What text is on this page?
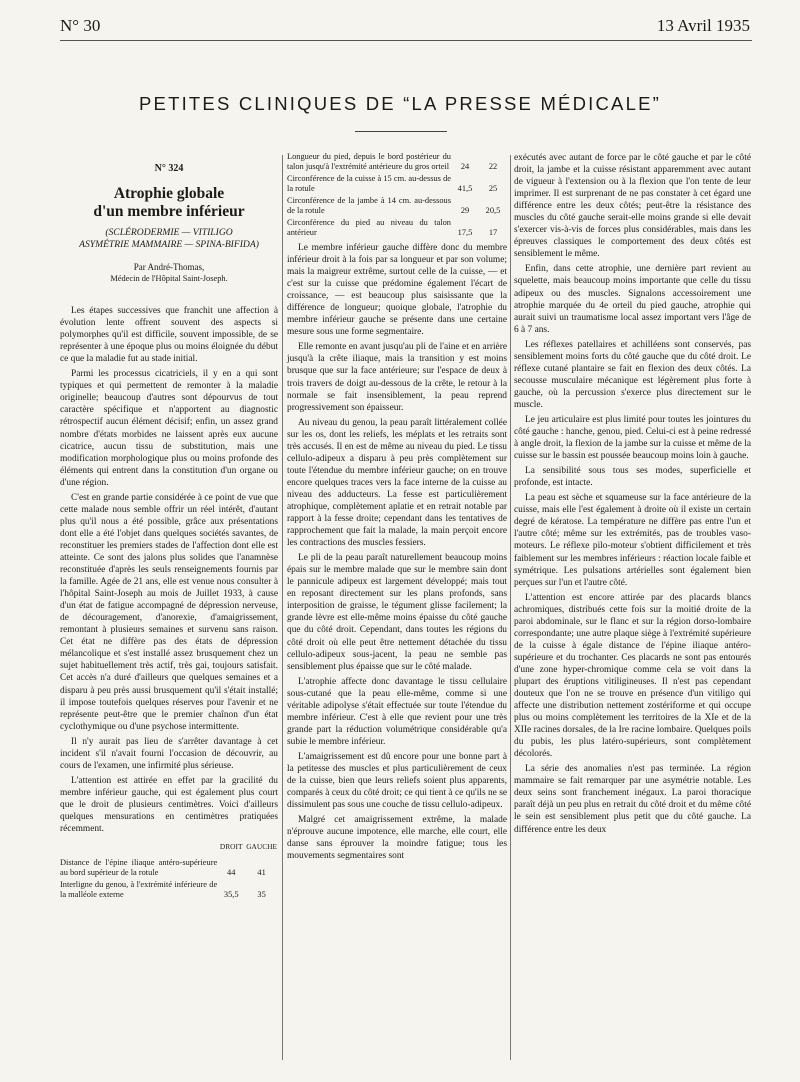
N° 30	13 Avril 1935
PETITES CLINIQUES DE “LA PRESSE MÉDICALE”
N° 324
Atrophie globale
d'un membre inférieur
(SCLÉRODERMIE — VITILIGO
ASYMÉTRIE MAMMAIRE — SPINA-BIFIDA)
Par André-Thomas,
Médecin de l'Hôpital Saint-Joseph.

Les étapes successives que franchit une affection à évolution lente offrent souvent des aspects si polymorphes qu'il est difficile, souvent impossible, de se représenter à une époque plus ou moins éloignée du début ce que la maladie fut au stade initial.

Parmi les processus cicatriciels, il y en a qui sont typiques et qui permettent de remonter à la maladie originelle; beaucoup d'autres sont dépourvus de tout caractère spécifique et n'apportent au diagnostic rétrospectif aucun élément décisif; enfin, un assez grand nombre d'états morbides ne laissent après eux aucune cicatrice, aucun tissu de substitution, mais une modification morphologique plus ou moins profonde des éléments qui entrent dans la constitution d'un organe ou d'une région.

C'est en grande partie considérée à ce point de vue que cette malade nous semble offrir un réel intérêt, d'autant plus qu'il nous a été possible, grâce aux présentations dont elle a été l'objet dans quelques sociétés savantes, de reconstituer les premiers stades de l'affection dont elle est atteinte. Ce sont des jalons plus solides que l'anamnèse reconstituée d'après les seuls renseignements fournis par la famille. Agée de 21 ans, elle est venue nous consulter à l'hôpital Saint-Joseph au mois de Juillet 1933, à cause d'un état de fatigue accompagné de dépression nerveuse, de découragement, d'anorexie, d'amaigrissement, remontant à plusieurs semaines et survenu sans raison. Cet état ne diffère pas des états de dépression mélancolique et s'est installé assez brusquement chez un sujet habituellement très actif, très gai, toujours satisfait. Cet accès n'a duré d'ailleurs que quelques semaines et a disparu à peu près aussi brusquement qu'il s'était installé; il impose toutefois quelques réserves pour l'avenir et ne représente peut-être que le premier chaînon d'un état cyclothymique ou d'une psychose intermittente.

Il n'y aurait pas lieu de s'arrêter davantage à cet incident s'il n'avait fourni l'occasion de découvrir, au cours de l'examen, une infirmité plus sérieuse.

L'attention est attirée en effet par la gracilité du membre inférieur gauche, qui est également plus court que le droit de plusieurs centimètres. Voici d'ailleurs quelques mensurations en centimètres pratiquées récemment.

	DROIT	GAUCHE
Distance de l'épine iliaque antéro-supérieure au bord supérieur de la rotule	44	41
Interligne du genou, à l'extrémité inférieure de la malléole externe	35,5	35
Longueur du pied, depuis le bord postérieur du talon jusqu'à l'extrémité antérieure du gros orteil	24	22
Circonférence de la cuisse à 15 cm. au-dessus de la rotule	41,5	25
Circonférence de la jambe à 14 cm. au-dessous de la rotule	29	20,5
Circonférence du pied au niveau du talon antérieur	17,5	17

Le membre inférieur gauche diffère donc du membre inférieur droit à la fois par sa longueur et par son volume; mais la maigreur extrême, surtout celle de la cuisse, — et c'est sur la cuisse que prédomine également l'écart de croissance, — est beaucoup plus saisissante que la différence de longueur; quoique globale, l'atrophie du membre inférieur gauche se présente dans une certaine mesure sous une forme segmentaire.

Elle remonte en avant jusqu'au pli de l'aine et en arrière jusqu'à la crête iliaque, mais la transition y est moins brusque que sur la face antérieure; sur l'espace de deux à trois travers de doigt au-dessous de la crête, le retour à la normale se fait insensiblement, la peau reprend progressivement son épaisseur.

Au niveau du genou, la peau paraît littéralement collée sur les os, dont les reliefs, les méplats et les retraits sont très accusés. Il en est de même au niveau du pied. Le tissu cellulo-adipeux a disparu à peu près complètement sur toute l'étendue du membre inférieur gauche; on en trouve encore quelques traces vers la face interne de la cuisse au niveau des adducteurs. La fesse est particulièrement atrophique, complètement aplatie et en retrait notable par rapport à la fesse droite; cependant dans les tentatives de rapprochement que fait la malade, la main perçoit encore les contractions des muscles fessiers.

Le pli de la peau paraît naturellement beaucoup moins épais sur le membre malade que sur le membre sain dont le pannicule adipeux est largement développé; mais tout en reposant directement sur les plans profonds, sans interposition de graisse, le tégument glisse facilement; la grande lèvre est elle-même moins épaisse du côté gauche que du côté droit. Cependant, dans toutes les régions du côté droit où elle peut être nettement détachée du tissu cellulo-adipeux sous-jacent, la peau ne semble pas sensiblement plus épaisse que sur le côté malade.

L'atrophie affecte donc davantage le tissu cellulaire sous-cutané que la peau elle-même, comme si une véritable adipolyse s'était effectuée sur toute l'étendue du membre inférieur. C'est à elle que revient pour une très grande part la réduction volumétrique considérable qu'a subie le membre inférieur.

L'amaigrissement est dû encore pour une bonne part à la petitesse des muscles et plus particulièrement de ceux de la cuisse, bien que leurs reliefs soient plus apparents, comparés à ceux du côté droit; ce qui tient à ce qu'ils ne se dissimulent pas sous une couche de tissu cellulo-adipeux.

Malgré cet amaigrissement extrême, la malade n'éprouve aucune impotence, elle marche, elle court, elle danse sans éprouver la moindre fatigue; tous les mouvements segmentaires sont

exécutés avec autant de force par le côté gauche et par le côté droit, la jambe et la cuisse résistant apparemment avec autant de vigueur à l'extension ou à la flexion que l'on tente de leur imprimer. Il est surprenant de ne pas constater à cet égard une différence entre les deux côtés; peut-être la résistance des muscles du côté gauche serait-elle moins grande si elle devait s'exercer vis-à-vis de forces plus considérables, mais dans les épreuves classiques le comportement des deux côtés est sensiblement le même.

Enfin, dans cette atrophie, une dernière part revient au squelette, mais beaucoup moins importante que celle du tissu adipeux ou des muscles. Signalons accessoirement une atrophie marquée du 4e orteil du pied gauche, atrophie qui aurait suivi un traumatisme local assez important vers l'âge de 6 à 7 ans.

Les réflexes patellaires et achilléens sont conservés, pas sensiblement moins forts du côté gauche que du côté droit. Le réflexe cutané plantaire se fait en flexion des deux côtés. La secousse musculaire mécanique est légèrement plus forte à gauche, où la percussion s'exerce plus directement sur le muscle.

Le jeu articulaire est plus limité pour toutes les jointures du côté gauche : hanche, genou, pied. Celui-ci est à peine redressé à angle droit, la flexion de la jambe sur la cuisse et même de la cuisse sur le bassin est poussée beaucoup moins loin à gauche.

La sensibilité sous tous ses modes, superficielle et profonde, est intacte.

La peau est sèche et squameuse sur la face antérieure de la cuisse, mais elle l'est également à droite où il existe un certain degré de kératose. La température ne diffère pas entre l'un et l'autre côté; même sur les extrémités, pas de troubles vaso-moteurs. Le réflexe pilo-moteur s'obtient difficilement et très faiblement sur les membres inférieurs : réaction locale faible et symétrique. Les pulsations artérielles sont également bien perçues sur l'un et l'autre côté.

L'attention est encore attirée par des placards blancs achromiques, distribués cette fois sur la moitié droite de la paroi abdominale, sur le flanc et sur la région dorso-lombaire correspondante; une autre plaque siège à l'extrémité supérieure de la cuisse à égale distance de l'épine iliaque antéro-supérieure et du trochanter. Ces placards ne sont pas entourés d'une zone hyper-chromique comme cela se voit dans la plupart des éruptions vitiligineuses. Il n'est pas cependant douteux que l'on ne se trouve en présence d'un vitiligo qui affecte une distribution nettement zostériforme et qui occupe plus ou moins complètement les territoires de la XIe et de la XIIe racines dorsales, de la Ire racine lombaire. Quelques poils du pubis, les plus latéro-supérieurs, sont complètement décolorés.

La série des anomalies n'est pas terminée. La région mammaire se fait remarquer par une asymétrie notable. Les deux seins sont franchement inégaux. La paroi thoracique paraît déjà un peu plus en retrait du côté droit et du même côté le sein est sensiblement plus petit que du côté gauche. La différence entre les deux
